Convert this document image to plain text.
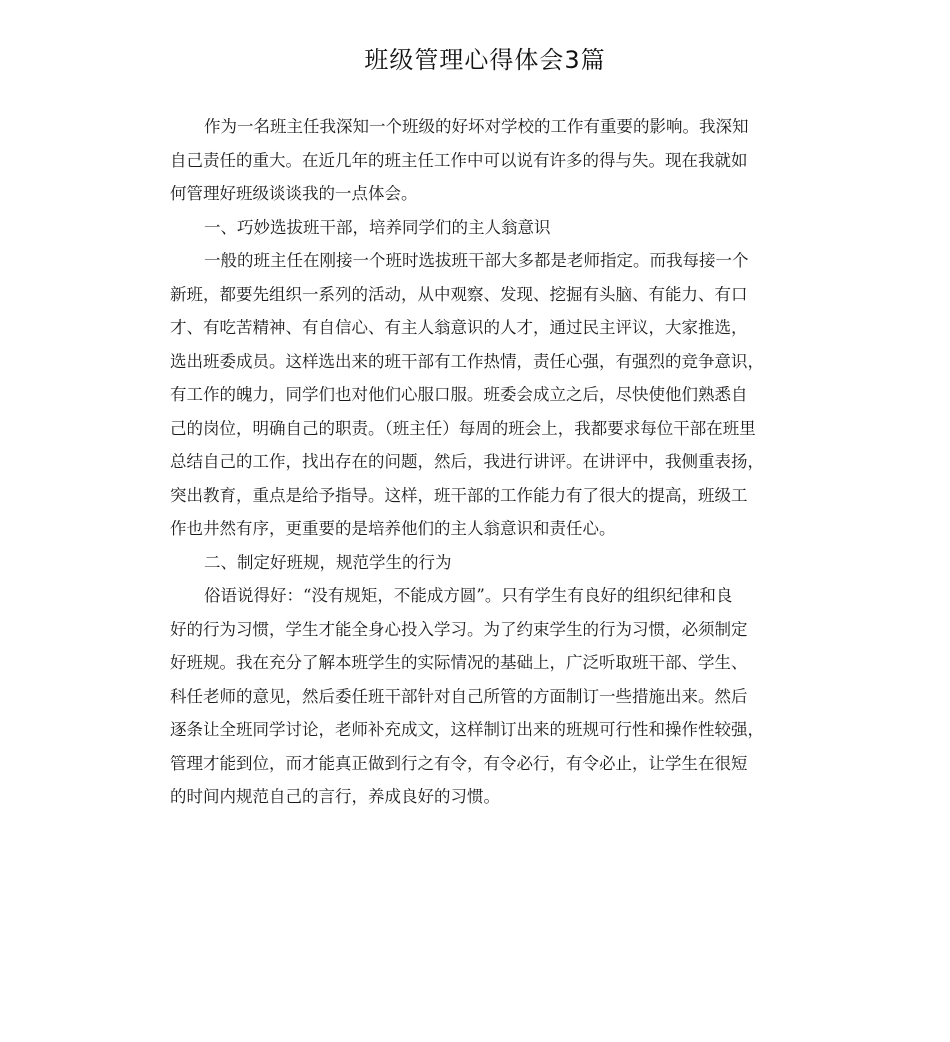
班级管理心得体会3篇

作为一名班主任我深知一个班级的好坏对学校的工作有重要的影响。我深知

自己责任的重大。在近几年的班主任工作中可以说有许多的得与失。现在我就如

何管理好班级谈谈我的一点体会。

一、巧妙选拔班干部，培养同学们的主人翁意识

一般的班主任在刚接一个班时选拔班干部大多都是老师指定。而我每接一个

新班，都要先组织一系列的活动，从中观察、发现、挖掘有头脑、有能力、有口

才、有吃苦精神、有自信心、有主人翁意识的人才，通过民主评议，大家推选，

选出班委成员。这样选出来的班干部有工作热情，责任心强，有强烈的竞争意识，

有工作的魄力，同学们也对他们心服口服。班委会成立之后，尽快使他们熟悉自

己的岗位，明确自己的职责。（班主任）每周的班会上，我都要求每位干部在班里

总结自己的工作，找出存在的问题，然后，我进行讲评。在讲评中，我侧重表扬，

突出教育，重点是给予指导。这样，班干部的工作能力有了很大的提高，班级工

作也井然有序，更重要的是培养他们的主人翁意识和责任心。

二、制定好班规，规范学生的行为

俗语说得好：“没有规矩，不能成方圆”。只有学生有良好的组织纪律和良

好的行为习惯，学生才能全身心投入学习。为了约束学生的行为习惯，必须制定

好班规。我在充分了解本班学生的实际情况的基础上，广泛听取班干部、学生、

科任老师的意见，然后委任班干部针对自己所管的方面制订一些措施出来。然后

逐条让全班同学讨论，老师补充成文，这样制订出来的班规可行性和操作性较强，

管理才能到位，而才能真正做到行之有令，有令必行，有令必止，让学生在很短

的时间内规范自己的言行，养成良好的习惯。
